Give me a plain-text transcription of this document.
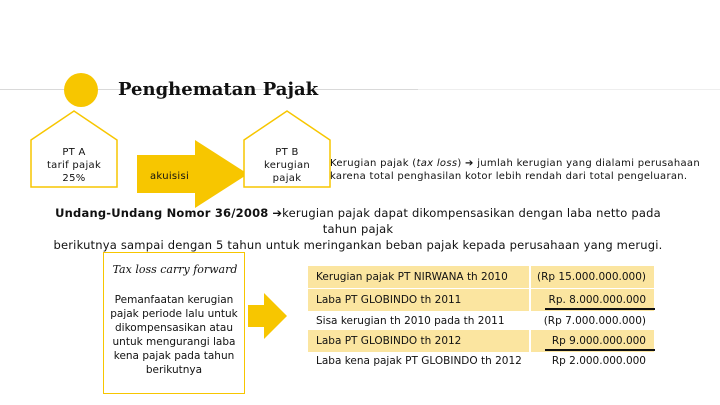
Penghematan Pajak
PT A
tarif pajak
25%	akuisisi
PT B
kerugian
pajak
Kerugian pajak (tax loss) ➔ jumlah kerugian yang dialami perusahaan
karena total penghasilan kotor lebih rendah dari total pengeluaran.
Undang-Undang Nomor 36/2008 ➔kerugian pajak dapat dikompensasikan dengan laba netto pada tahun pajak
berikutnya sampai dengan 5 tahun untuk meringankan beban pajak kepada perusahaan yang merugi.
Tax loss carry forward
Pemanfaatan kerugian pajak periode lalu untuk dikompensasikan atau untuk mengurangi laba kena pajak pada tahun berikutnya
Kerugian pajak PT NIRWANA th 2010	(Rp 15.000.000.000)
Laba PT GLOBINDO th 2011	Rp. 8.000.000.000
Sisa kerugian th 2010 pada th 2011	(Rp 7.000.000.000)
Laba PT GLOBINDO th 2012	Rp 9.000.000.000
Laba kena pajak PT GLOBINDO th 2012	Rp 2.000.000.000
